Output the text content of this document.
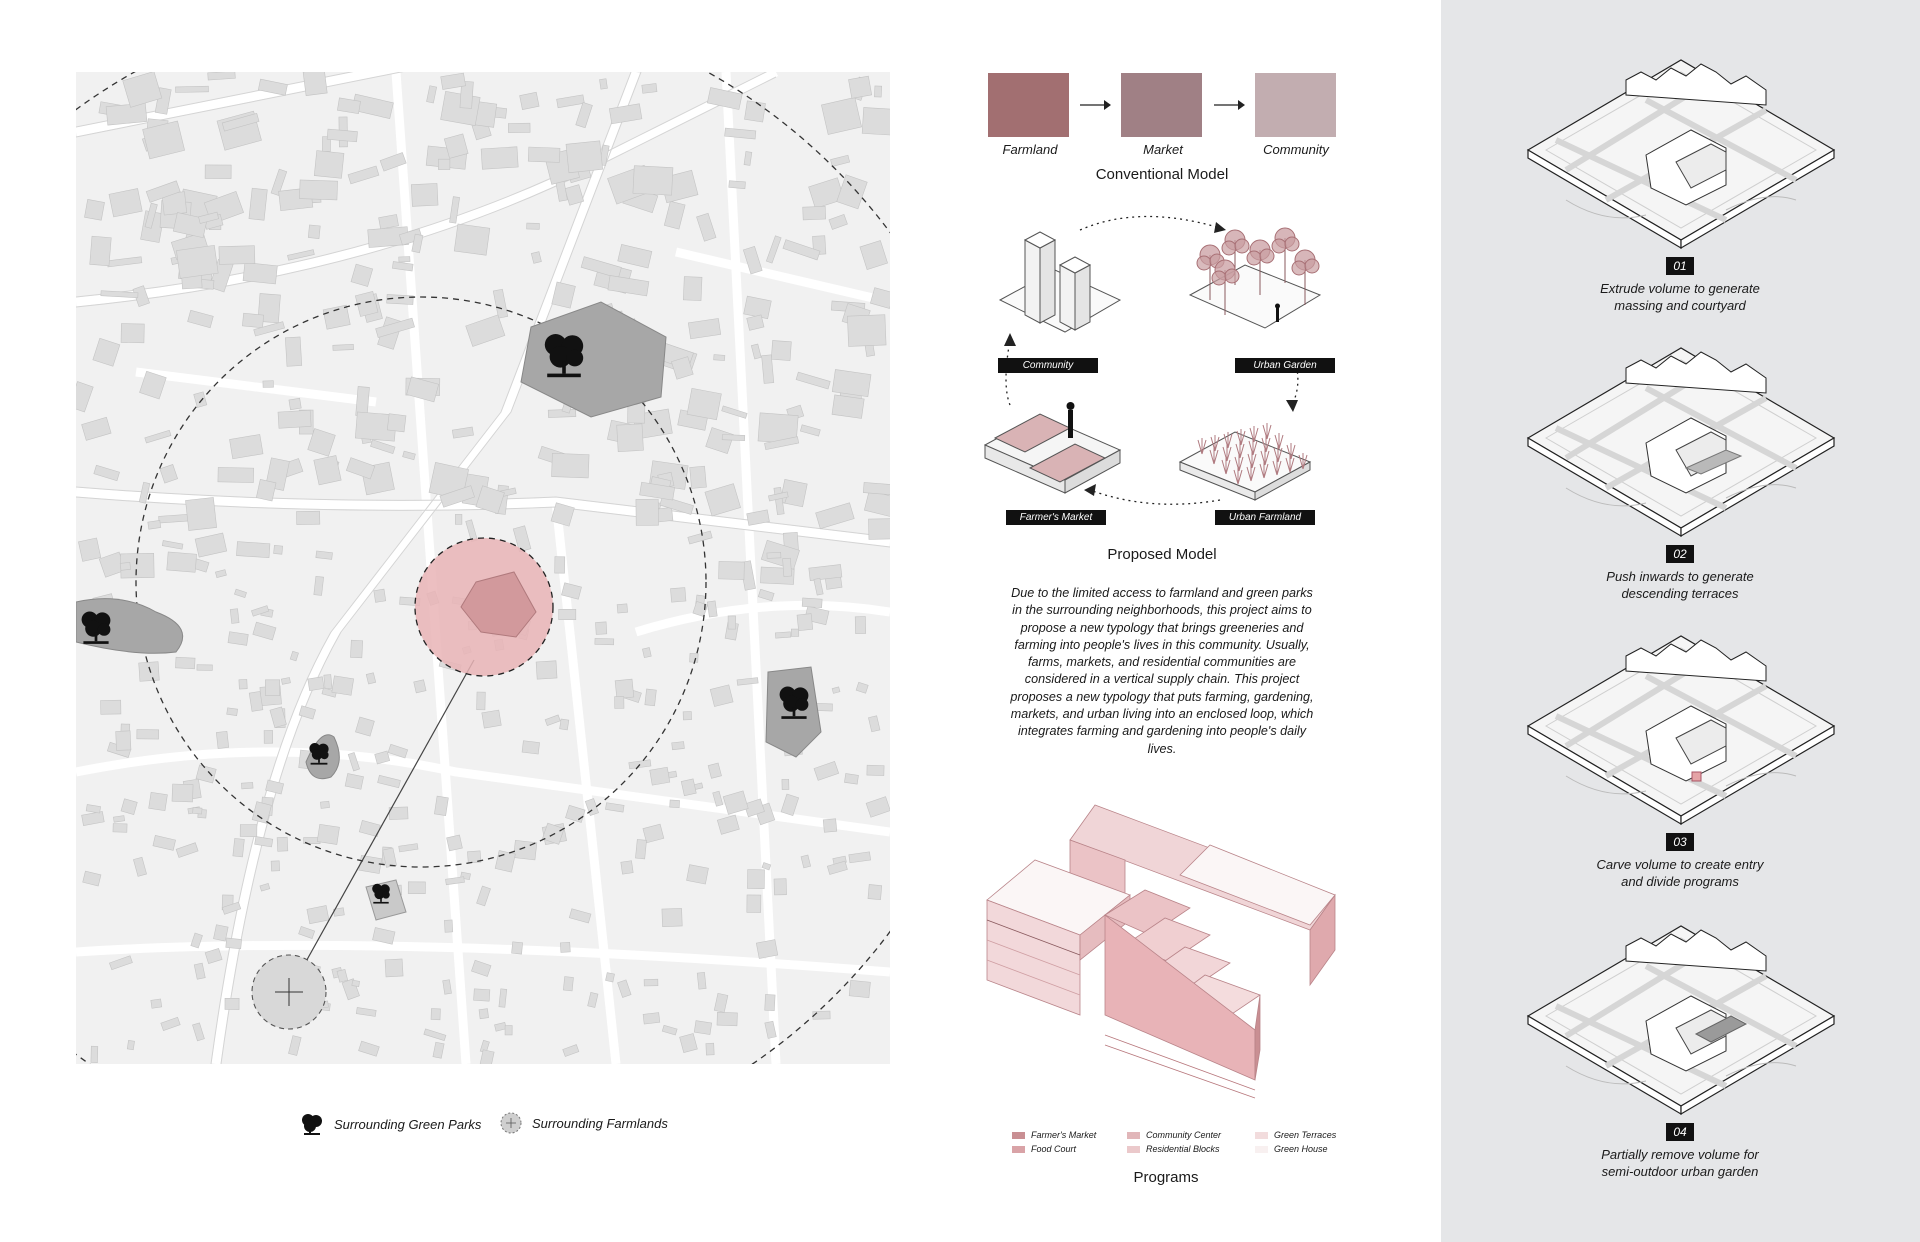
Surrounding Green Parks	Surrounding Farmlands
Farmland	Market	Community
Conventional Model
Community	Urban Garden
Farmer's Market	Urban Farmland
Proposed Model
Due to the limited access to farmland and green parks in the surrounding neighborhoods, this project aims to propose a new typology that brings greeneries and farming into people's lives in this community. Usually, farms, markets, and residential communities are considered in a vertical supply chain. This project proposes a new typology that puts farming, gardening, markets, and urban living into an enclosed loop, which integrates farming and gardening into people's daily lives.
Farmer's Market	Community Center	Green Terraces
Food Court	Residential Blocks	Green House
Programs
01
Extrude volume to generate
massing and courtyard
02
Push inwards to generate
descending terraces
03
Carve volume to create entry
and divide programs
04
Partially remove volume for
semi-outdoor urban garden
